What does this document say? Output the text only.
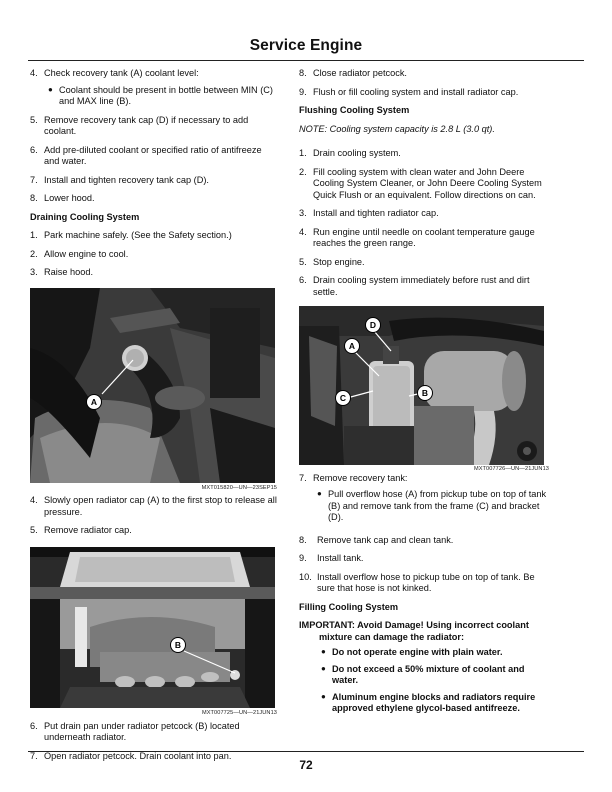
Service Engine
4. Check recovery tank (A) coolant level:
● Coolant should be present in bottle between MIN (C) and MAX line (B).
5. Remove recovery tank cap (D) if necessary to add coolant.
6. Add pre-diluted coolant or specified ratio of antifreeze and water.
7. Install and tighten recovery tank cap (D).
8. Lower hood.
Draining Cooling System
1. Park machine safely. (See the Safety section.)
2. Allow engine to cool.
3. Raise hood.
A
MXT015820—UN—23SEP15
4. Slowly open radiator cap (A) to the first stop to release all pressure.
5. Remove radiator cap.
B
MXT007725—UN—21JUN13
6. Put drain pan under radiator petcock (B) located underneath radiator.
7. Open radiator petcock. Drain coolant into pan.
8. Close radiator petcock.
9. Flush or fill cooling system and install radiator cap.
Flushing Cooling System
NOTE: Cooling system capacity is 2.8 L (3.0 qt).
1. Drain cooling system.
2. Fill cooling system with clean water and John Deere Cooling System Cleaner, or John Deere Cooling System Quick Flush or an equivalent. Follow directions on can.
3. Install and tighten radiator cap.
4. Run engine until needle on coolant temperature gauge reaches the green range.
5. Stop engine.
6. Drain cooling system immediately before rust and dirt settle.
D
A
C	B
MXT007726—UN—21JUN13
7. Remove recovery tank:
● Pull overflow hose (A) from pickup tube on top of tank (B) and remove tank from the frame (C) and bracket (D).
8. Remove tank cap and clean tank.
9. Install tank.
10. Install overflow hose to pickup tube on top of tank. Be sure that hose is not kinked.
Filling Cooling System
IMPORTANT: Avoid Damage! Using incorrect coolant mixture can damage the radiator:
● Do not operate engine with plain water.
● Do not exceed a 50% mixture of coolant and water.
● Aluminum engine blocks and radiators require approved ethylene glycol-based antifreeze.
72
